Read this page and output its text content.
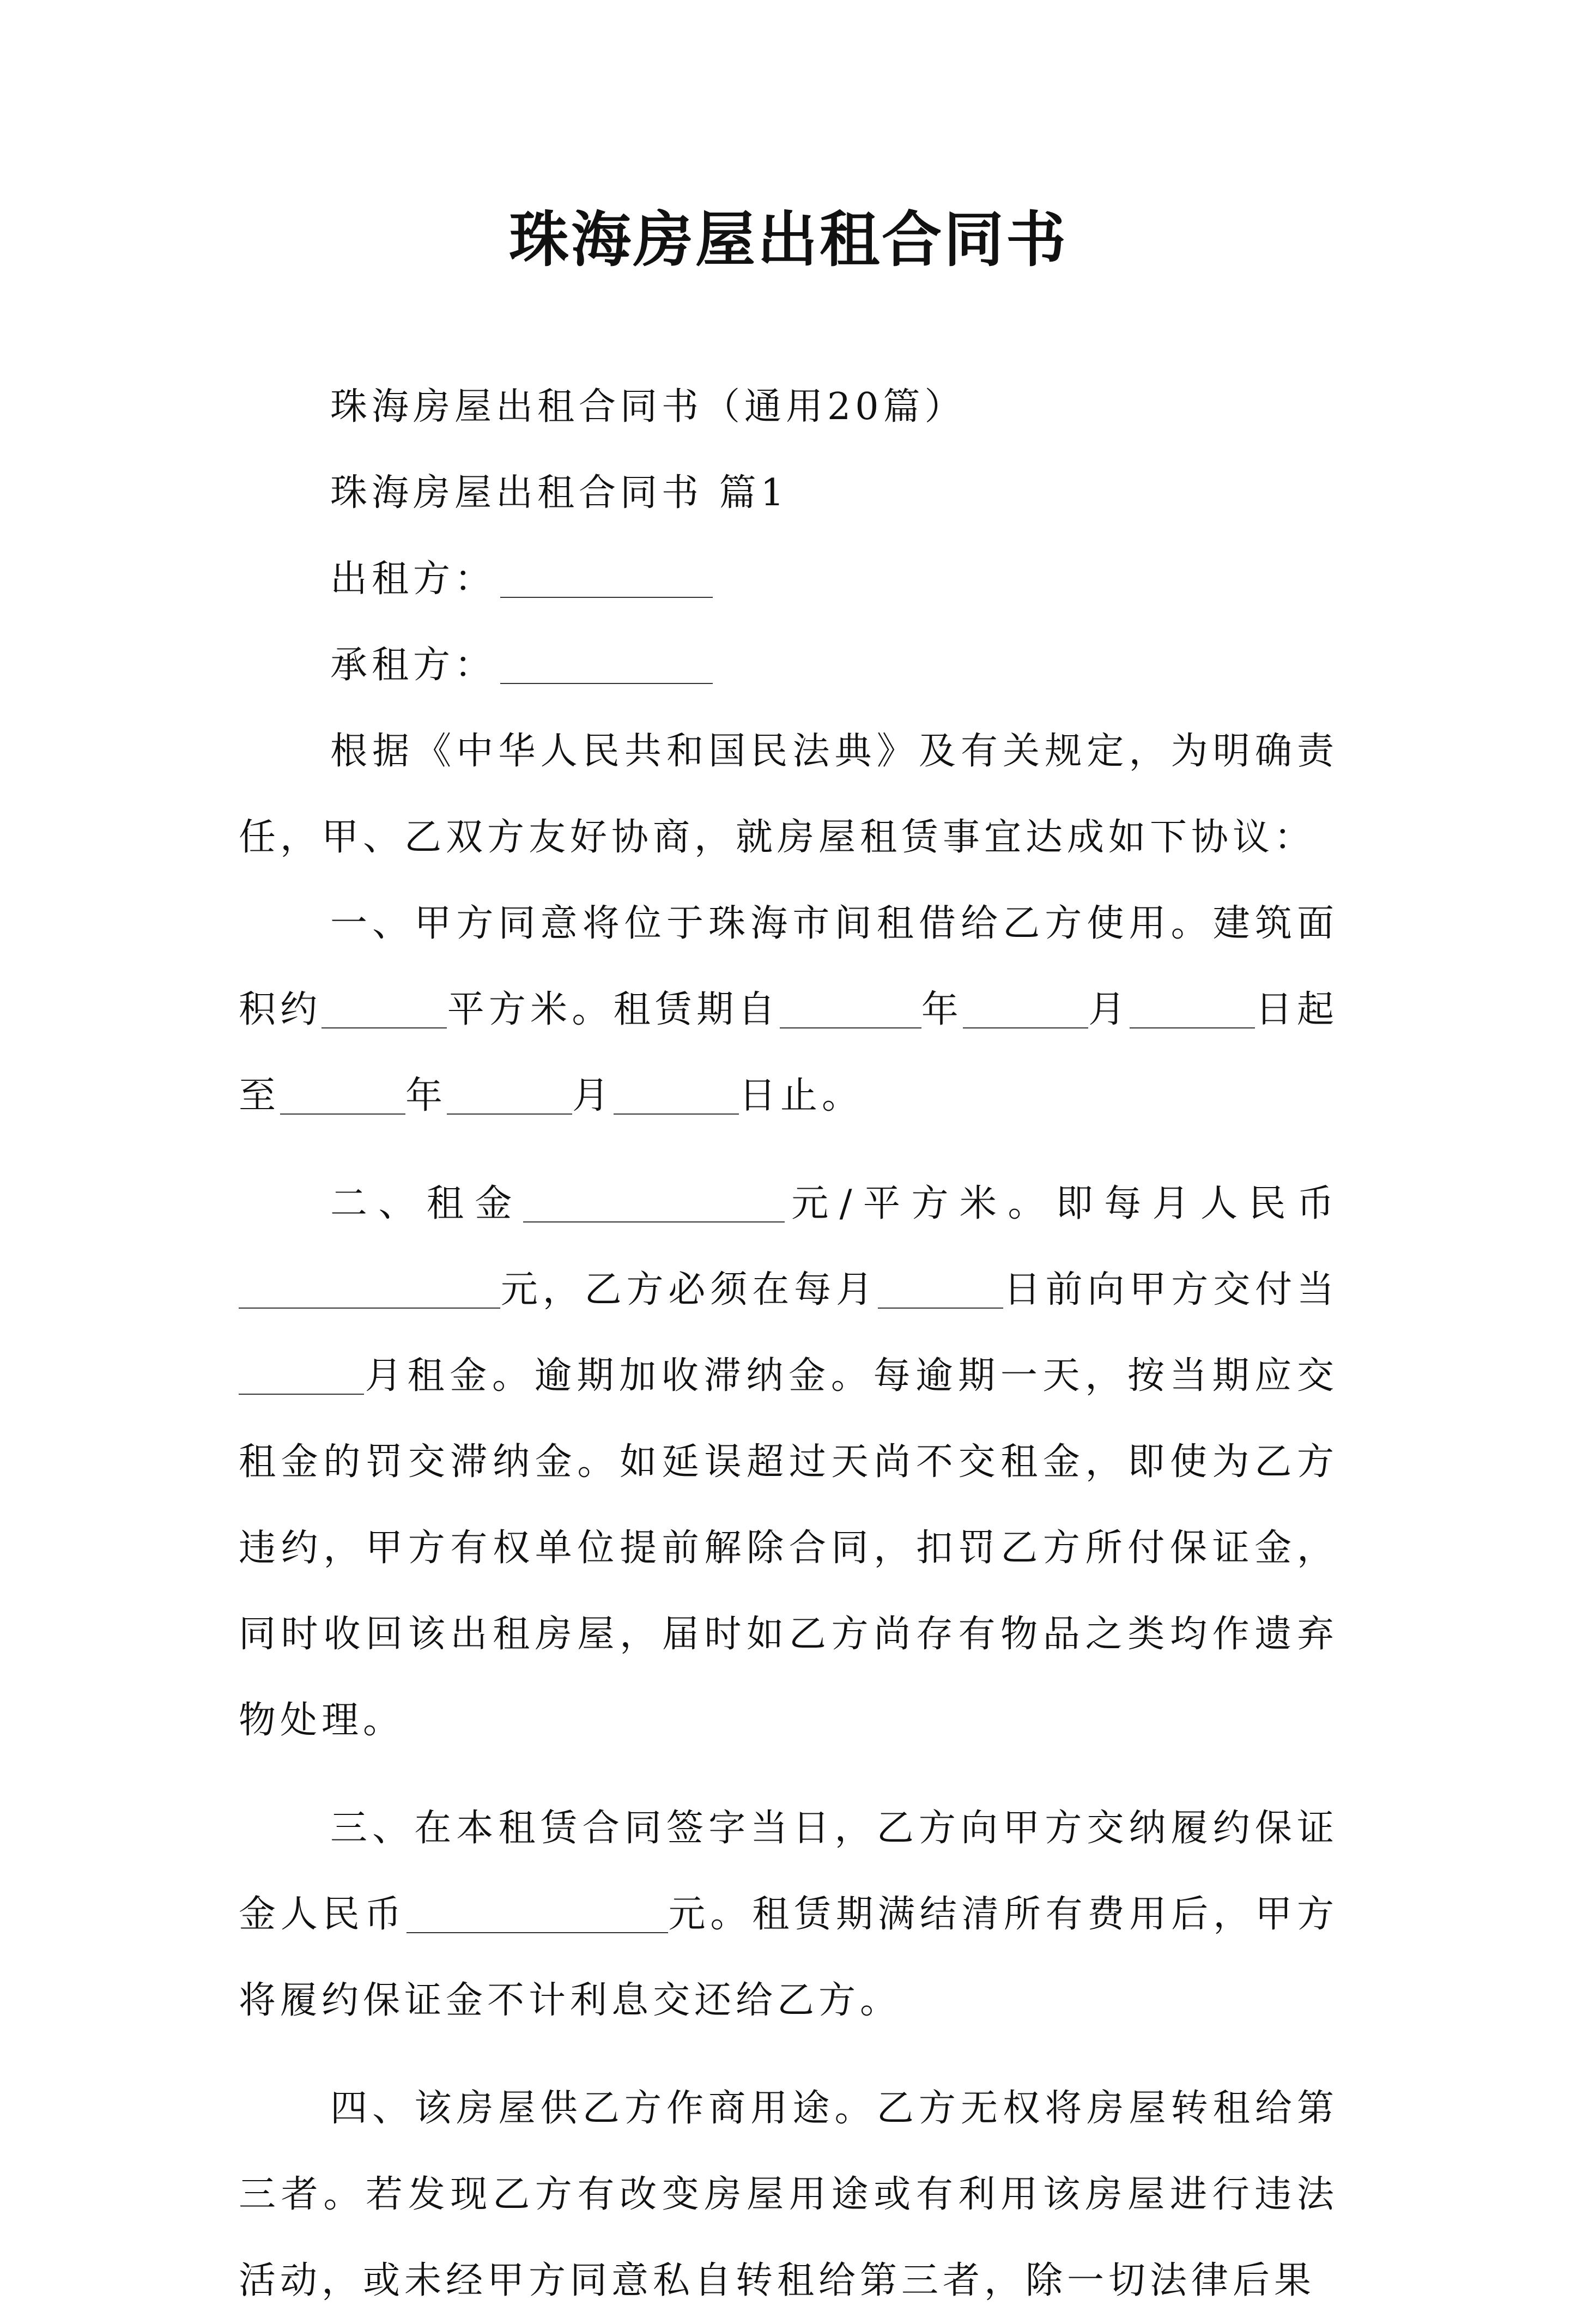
珠海房屋出租合同书

珠海房屋出租合同书（通用20篇）

珠海房屋出租合同书 篇1

出租方：

承租方：

根据《中华人民共和国民法典》及有关规定，为明确责任，甲、乙双方友好协商，就房屋租赁事宜达成如下协议：

一、甲方同意将位于珠海市间租借给乙方使用。建筑面积约	平方米。租赁期自	年	月	日起至	年	月	日止。

二、租金	元/平方米。即每月人民币元，乙方必须在每月	日前向甲方交付当月租金。逾期加收滞纳金。每逾期一天，按当期应交租金的罚交滞纳金。如延误超过天尚不交租金，即使为乙方违约，甲方有权单位提前解除合同，扣罚乙方所付保证金，同时收回该出租房屋，届时如乙方尚存有物品之类均作遗弃物处理。

三、在本租赁合同签字当日，乙方向甲方交纳履约保证金人民币	元。租赁期满结清所有费用后，甲方将履约保证金不计利息交还给乙方。

四、该房屋供乙方作商用途。乙方无权将房屋转租给第三者。若发现乙方有改变房屋用途或有利用该房屋进行违法活动，或未经甲方同意私自转租给第三者，除一切法律后果
